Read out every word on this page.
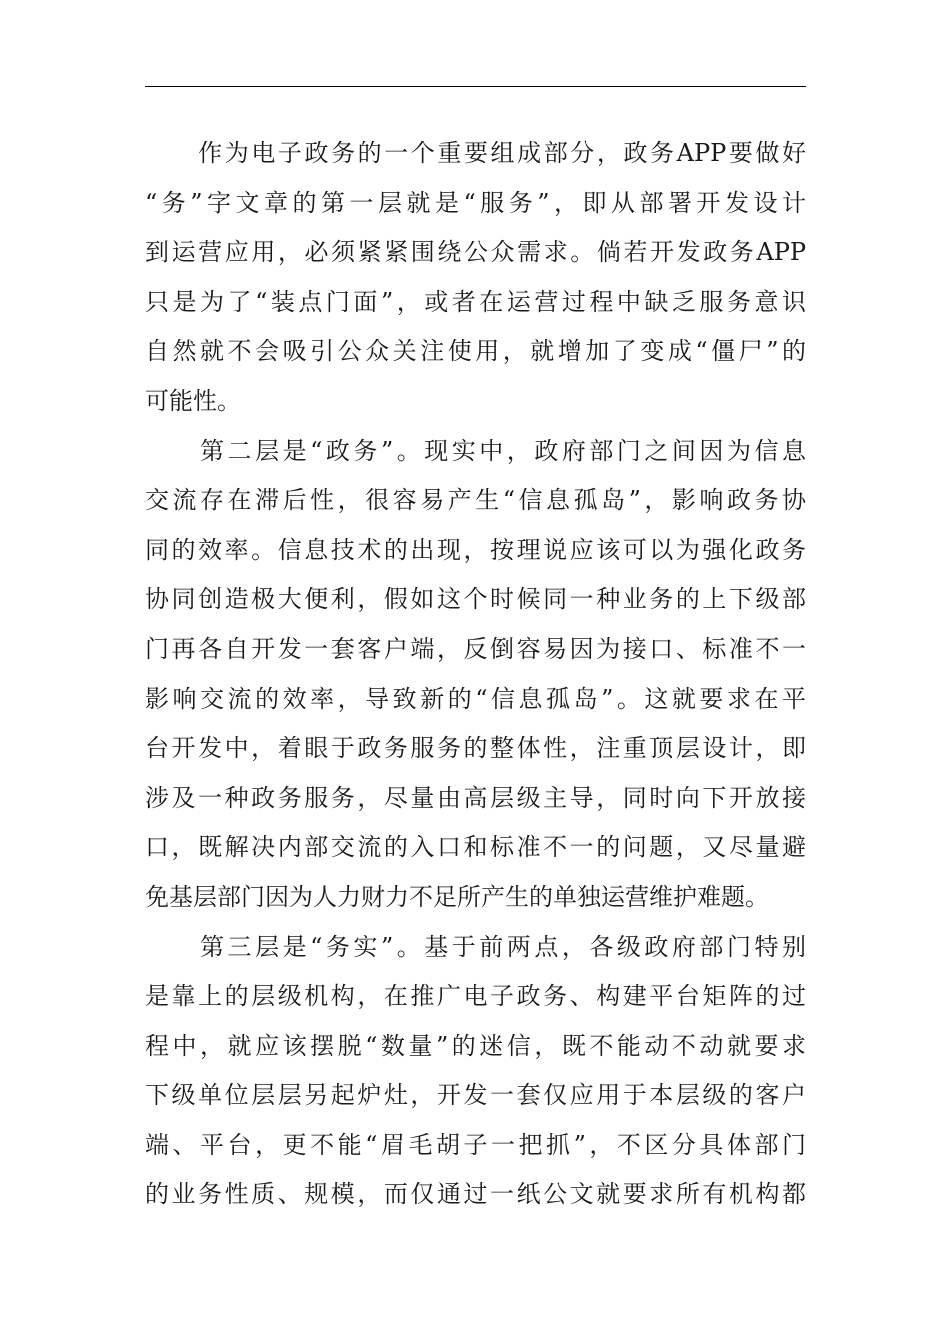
　　作为电子政务的一个重要组成部分，政务APP要做好
“务”字文章的第一层就是“服务”，即从部署开发设计
到运营应用，必须紧紧围绕公众需求。倘若开发政务APP
只是为了“装点门面”，或者在运营过程中缺乏服务意识
自然就不会吸引公众关注使用，就增加了变成“僵尸”的
可能性。
　　第二层是“政务”。现实中，政府部门之间因为信息
交流存在滞后性，很容易产生“信息孤岛”，影响政务协
同的效率。信息技术的出现，按理说应该可以为强化政务
协同创造极大便利，假如这个时候同一种业务的上下级部
门再各自开发一套客户端，反倒容易因为接口、标准不一
影响交流的效率，导致新的“信息孤岛”。这就要求在平
台开发中，着眼于政务服务的整体性，注重顶层设计，即
涉及一种政务服务，尽量由高层级主导，同时向下开放接
口，既解决内部交流的入口和标准不一的问题，又尽量避
免基层部门因为人力财力不足所产生的单独运营维护难题。
　　第三层是“务实”。基于前两点，各级政府部门特别
是靠上的层级机构，在推广电子政务、构建平台矩阵的过
程中，就应该摆脱“数量”的迷信，既不能动不动就要求
下级单位层层另起炉灶，开发一套仅应用于本层级的客户
端、平台，更不能“眉毛胡子一把抓”，不区分具体部门
的业务性质、规模，而仅通过一纸公文就要求所有机构都
